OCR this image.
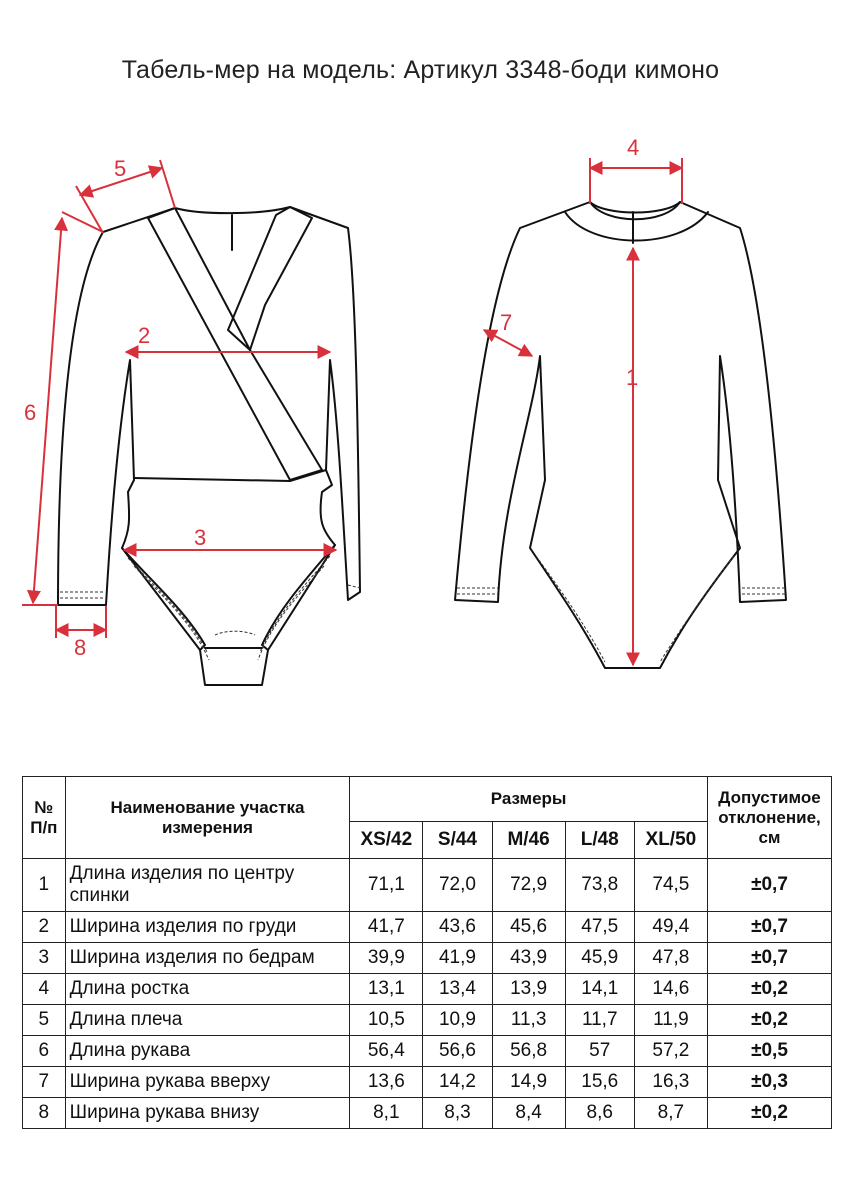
Табель-мер на модель: Артикул 3348-боди кимоно
1
2
3
4
5
6
7
8
№ П/п	Наименование участка измерения	Размеры					Допустимое отклонение, см
		XS/42	S/44	M/46	L/48	XL/50	
1	Длина изделия по центру спинки	71,1	72,0	72,9	73,8	74,5	±0,7
2	Ширина изделия по груди	41,7	43,6	45,6	47,5	49,4	±0,7
3	Ширина изделия по бедрам	39,9	41,9	43,9	45,9	47,8	±0,7
4	Длина ростка	13,1	13,4	13,9	14,1	14,6	±0,2
5	Длина плеча	10,5	10,9	11,3	11,7	11,9	±0,2
6	Длина рукава	56,4	56,6	56,8	57	57,2	±0,5
7	Ширина рукава вверху	13,6	14,2	14,9	15,6	16,3	±0,3
8	Ширина рукава внизу	8,1	8,3	8,4	8,6	8,7	±0,2
